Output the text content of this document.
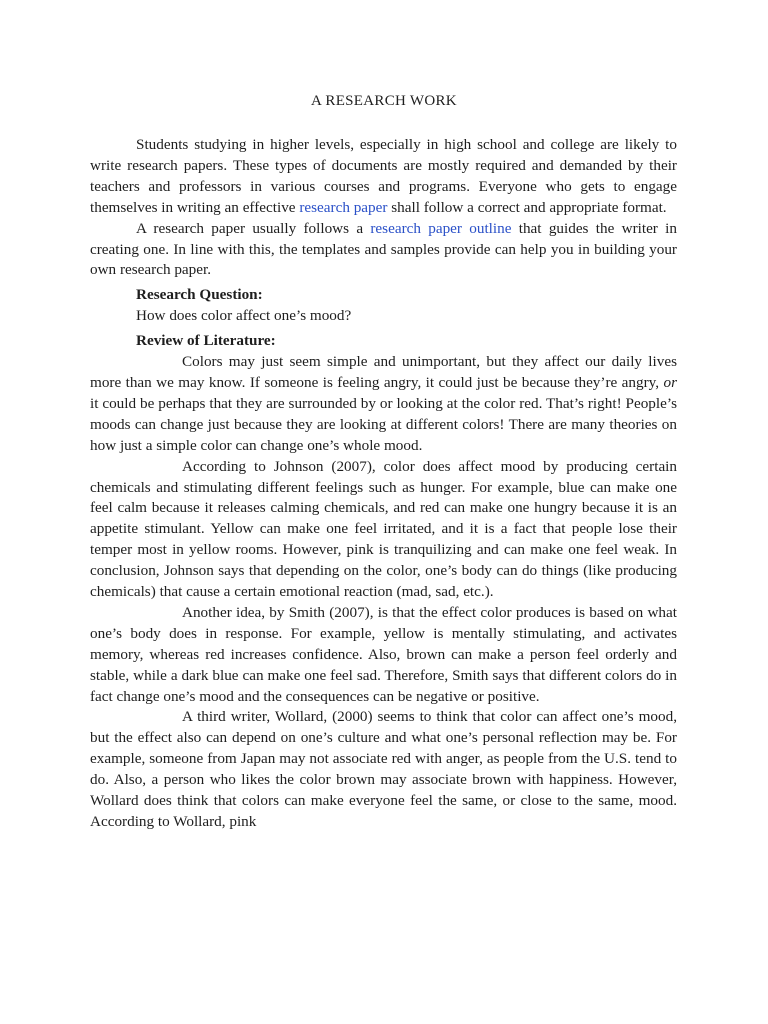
A RESEARCH WORK

Students studying in higher levels, especially in high school and college are likely to write research papers. These types of documents are mostly required and demanded by their teachers and professors in various courses and programs. Everyone who gets to engage themselves in writing an effective research paper shall follow a correct and appropriate format.

A research paper usually follows a research paper outline that guides the writer in creating one. In line with this, the templates and samples provide can help you in building your own research paper.

Research Question:

How does color affect one’s mood?

Review of Literature:

Colors may just seem simple and unimportant, but they affect our daily lives more than we may know. If someone is feeling angry, it could just be because they’re angry, or it could be perhaps that they are surrounded by or looking at the color red. That’s right! People’s moods can change just because they are looking at different colors! There are many theories on how just a simple color can change one’s whole mood.

According to Johnson (2007), color does affect mood by producing certain chemicals and stimulating different feelings such as hunger. For example, blue can make one feel calm because it releases calming chemicals, and red can make one hungry because it is an appetite stimulant. Yellow can make one feel irritated, and it is a fact that people lose their temper most in yellow rooms. However, pink is tranquilizing and can make one feel weak. In conclusion, Johnson says that depending on the color, one’s body can do things (like producing chemicals) that cause a certain emotional reaction (mad, sad, etc.).

Another idea, by Smith (2007), is that the effect color produces is based on what one’s body does in response. For example, yellow is mentally stimulating, and activates memory, whereas red increases confidence. Also, brown can make a person feel orderly and stable, while a dark blue can make one feel sad. Therefore, Smith says that different colors do in fact change one’s mood and the consequences can be negative or positive.

A third writer, Wollard, (2000) seems to think that color can affect one’s mood, but the effect also can depend on one’s culture and what one’s personal reflection may be. For example, someone from Japan may not associate red with anger, as people from the U.S. tend to do. Also, a person who likes the color brown may associate brown with happiness. However, Wollard does think that colors can make everyone feel the same, or close to the same, mood. According to Wollard, pink
